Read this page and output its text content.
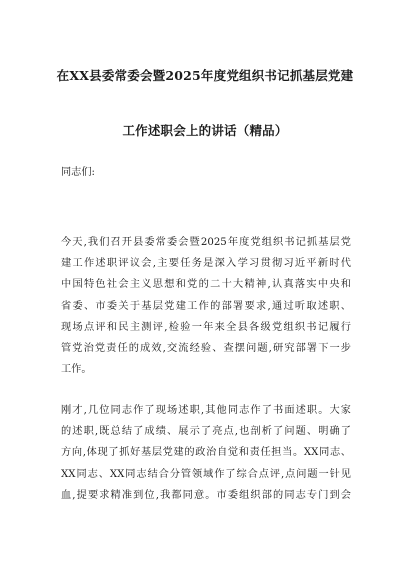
在XX县委常委会暨2025年度党组织书记抓基层党建
工作述职会上的讲话（精品）
同志们:
今天,我们召开县委常委会暨2025年度党组织书记抓基层党
建工作述职评议会,主要任务是深入学习贯彻习近平新时代
中国特色社会主义思想和党的二十大精神,认真落实中央和
省委、市委关于基层党建工作的部署要求,通过听取述职、
现场点评和民主测评,检验一年来全县各级党组织书记履行
管党治党责任的成效,交流经验、查摆问题,研究部署下一步
工作。
刚才,几位同志作了现场述职,其他同志作了书面述职。大家
的述职,既总结了成绩、展示了亮点,也剖析了问题、明确了
方向,体现了抓好基层党建的政治自觉和责任担当。XX同志、
XX同志、XX同志结合分管领域作了综合点评,点问题一针见
血,提要求精准到位,我都同意。市委组织部的同志专门到会
